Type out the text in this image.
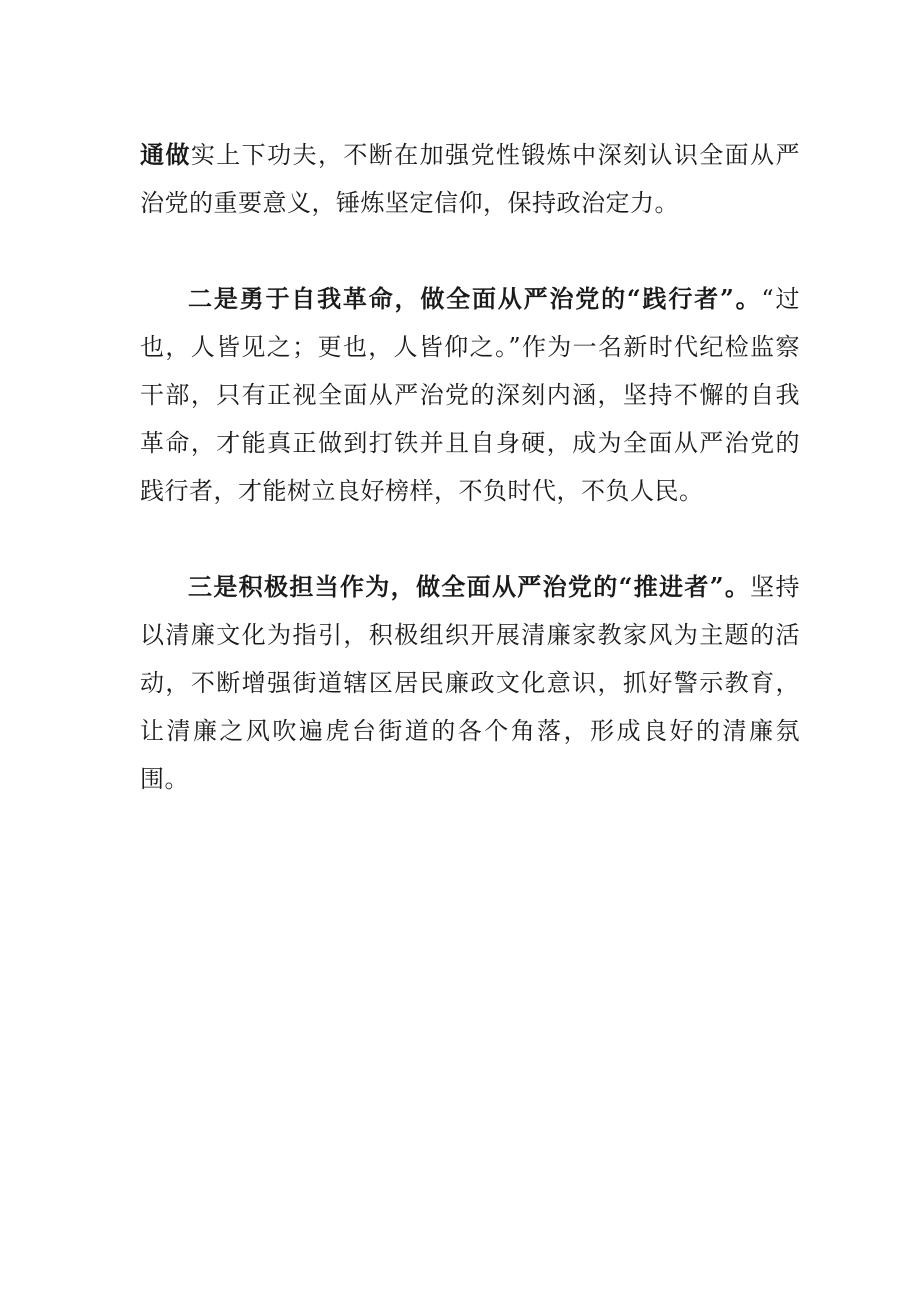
通做实上下功夫，不断在加强党性锻炼中深刻认识全面从严治党的重要意义，锤炼坚定信仰，保持政治定力。

二是勇于自我革命，做全面从严治党的“践行者”。“过也，人皆见之；更也，人皆仰之。”作为一名新时代纪检监察干部，只有正视全面从严治党的深刻内涵，坚持不懈的自我革命，才能真正做到打铁并且自身硬，成为全面从严治党的践行者，才能树立良好榜样，不负时代，不负人民。

三是积极担当作为，做全面从严治党的“推进者”。坚持以清廉文化为指引，积极组织开展清廉家教家风为主题的活动，不断增强街道辖区居民廉政文化意识，抓好警示教育，让清廉之风吹遍虎台街道的各个角落，形成良好的清廉氛围。
